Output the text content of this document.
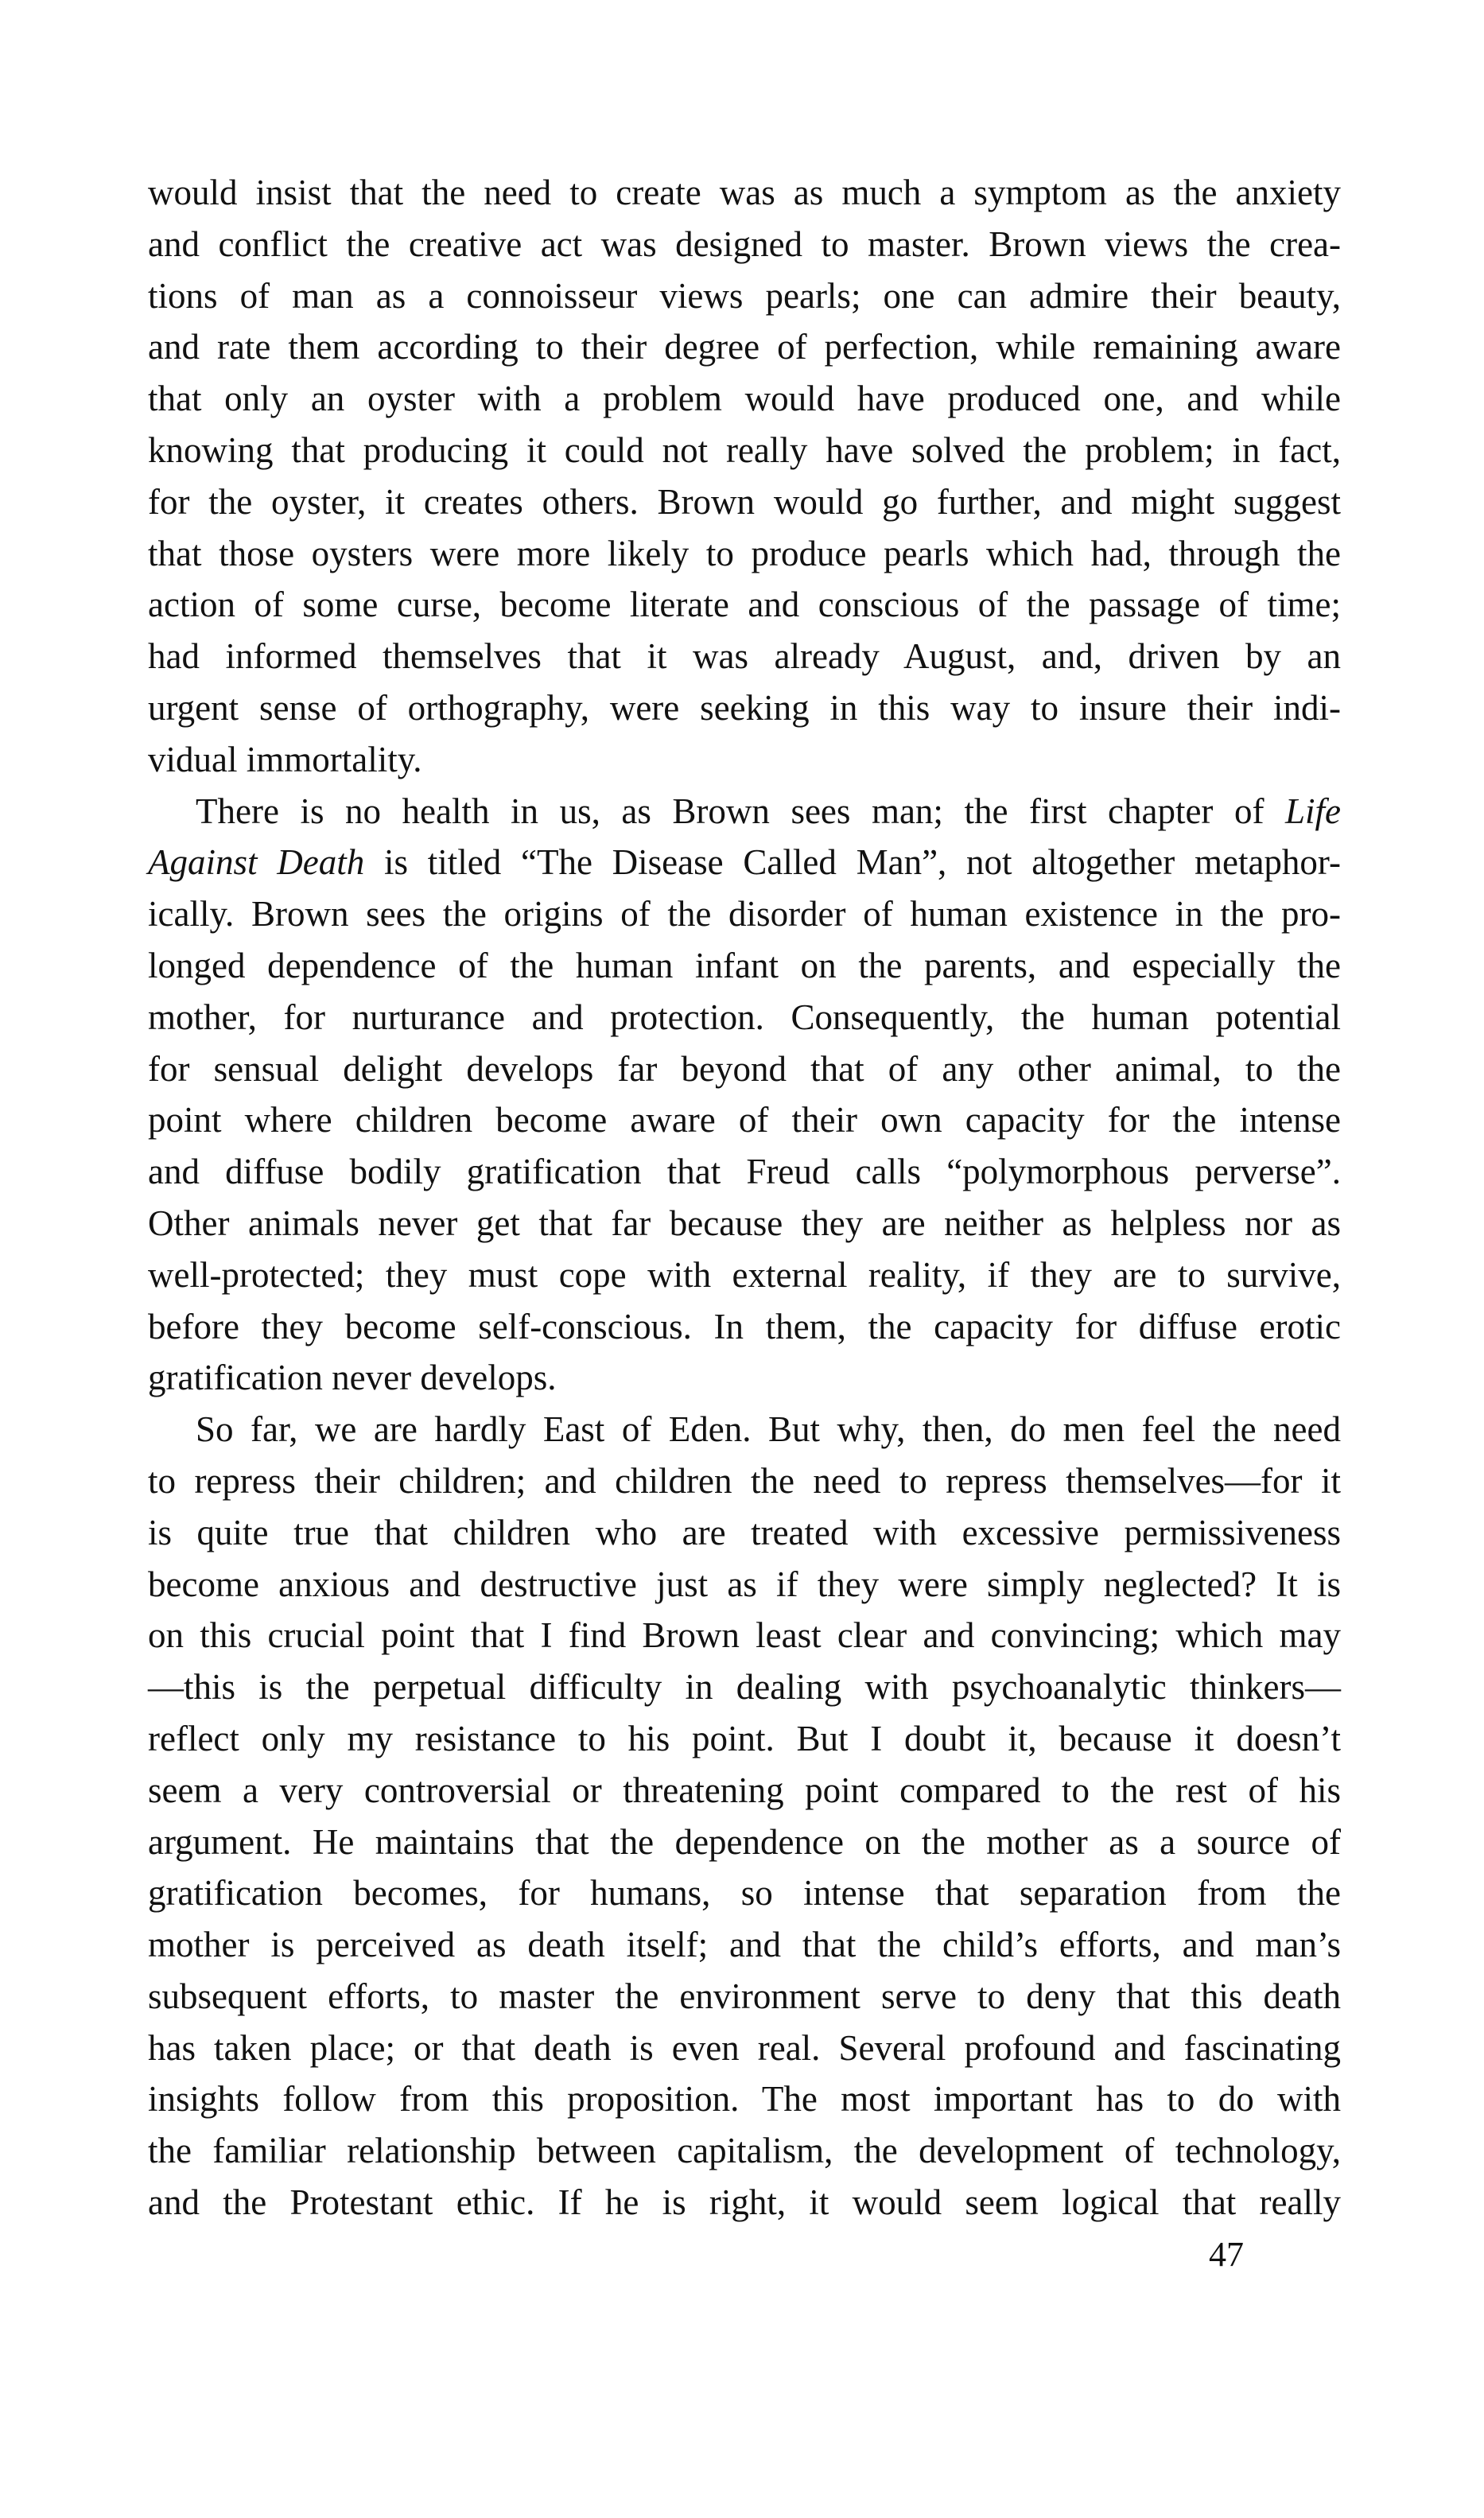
would insist that the need to create was as much a symptom as the anxiety
and conflict the creative act was designed to master. Brown views the crea-
tions of man as a connoisseur views pearls; one can admire their beauty,
and rate them according to their degree of perfection, while remaining aware
that only an oyster with a problem would have produced one, and while
knowing that producing it could not really have solved the problem; in fact,
for the oyster, it creates others. Brown would go further, and might suggest
that those oysters were more likely to produce pearls which had, through the
action of some curse, become literate and conscious of the passage of time;
had informed themselves that it was already August, and, driven by an
urgent sense of orthography, were seeking in this way to insure their indi-
vidual immortality.
There is no health in us, as Brown sees man; the first chapter of Life
Against Death is titled “The Disease Called Man”, not altogether metaphor-
ically. Brown sees the origins of the disorder of human existence in the pro-
longed dependence of the human infant on the parents, and especially the
mother, for nurturance and protection. Consequently, the human potential
for sensual delight develops far beyond that of any other animal, to the
point where children become aware of their own capacity for the intense
and diffuse bodily gratification that Freud calls “polymorphous perverse”.
Other animals never get that far because they are neither as helpless nor as
well-protected; they must cope with external reality, if they are to survive,
before they become self-conscious. In them, the capacity for diffuse erotic
gratification never develops.
So far, we are hardly East of Eden. But why, then, do men feel the need
to repress their children; and children the need to repress themselves—for it
is quite true that children who are treated with excessive permissiveness
become anxious and destructive just as if they were simply neglected? It is
on this crucial point that I find Brown least clear and convincing; which may
—this is the perpetual difficulty in dealing with psychoanalytic thinkers—
reflect only my resistance to his point. But I doubt it, because it doesn’t
seem a very controversial or threatening point compared to the rest of his
argument. He maintains that the dependence on the mother as a source of
gratification becomes, for humans, so intense that separation from the
mother is perceived as death itself; and that the child’s efforts, and man’s
subsequent efforts, to master the environment serve to deny that this death
has taken place; or that death is even real. Several profound and fascinating
insights follow from this proposition. The most important has to do with
the familiar relationship between capitalism, the development of technology,
and the Protestant ethic. If he is right, it would seem logical that really
47
